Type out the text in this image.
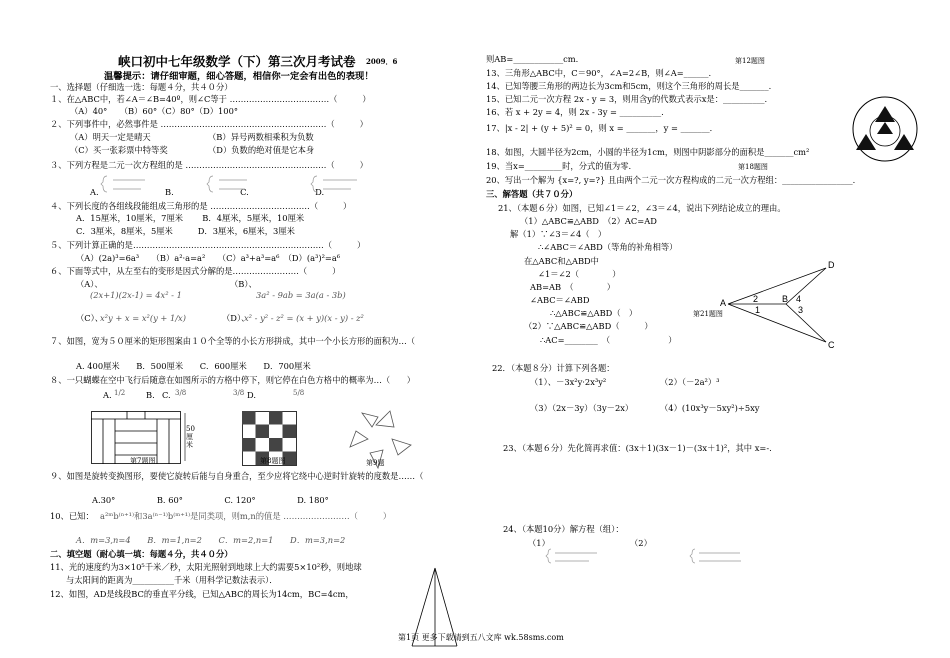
峡口初中七年级数学（下）第三次月考试卷 2009．6
温馨提示：请仔细审题，细心答题，相信你一定会有出色的表现！
一、选择题（仔细选一选：每题４分，共４０分）
１、在△ABC中，若∠A＝∠B=40º，则∠C等于 ………………………………（　　　）
（A）40°　　（B）60°（C）80°（D）100°
２、下列事件中，必然事件是 ……………………………………………………（　　　）
（A）明天一定是晴天	（B）异号两数相乘积为负数
（C）买一张彩票中特等奖	（D）负数的绝对值是它本身
３、下列方程是二元一次方程组的是 ……………………………………………（　　　）
A.　　　　　　　　B.　　　　　　　　C.　　　　　　　　D.
４、下列长度的各组线段能组成三角形的是 ………………………………（　　　）
A．15厘米，10厘米，7厘米　　 B．4厘米，5厘米，10厘米
C．3厘米，8厘米，5厘米　　　D．3厘米，6厘米，3厘米
５、下列计算正确的是……………………………………………………………（　　　）
（A）(2a)³=6a³　　（B）a²·a=a²　　（C）a³+a³=a⁶　（D）(a³)²=a⁶
６、下面等式中，从左至右的变形是因式分解的是……………………（　　　）
（A）、
(2x+1)(2x-1) = 4x² - 1
（B）、
3a² - 9ab = 3a(a - 3b)
（C）、
x²y + x = x²(y + 1/x)	（D）、
x² - y² - z² = (x + y)(x - y) - z²
７、如图，宽为５０厘米的矩形图案由１０个全等的小长方形拼成，其中一个小长方形的面积为…（
A. 400厘米　　B．500厘米　　C．600厘米　　D．700厘米
８、一只蝴蝶在空中飞行后随意在如图所示的方格中停下，则它停在白色方格中的概率为…（　　）
A.	B. C.	D.
1/2	3/8	3/8	5/8
50厘米
第7题图	第8题图	第9题
９、如图是旋转变换图形，要使它旋转后能与自身重合，至少应将它绕中心逆时针旋转的度数是……（
A.30°　　　　　B. 60°　　　　　C. 120°　　　　　D. 180°
10、已知： a²ᵐb⁽ⁿ⁺¹⁾和3a⁽ⁿ⁻¹⁾b⁽ᵐ⁺¹⁾是同类项，则m,n的值是 ……………………（　　　）
A．m=3,n=4　　B．m=1,n=2　　C．m=2,n=1　　D．m=3,n=2
二、填空题（耐心填一填：每题４分，共４０分）
11、光的速度约为3×10⁵千米／秒，太阳光照射到地球上大约需要5×10²秒，则地球
与太阳间的距离为__________千米（用科学记数法表示）．
12、如图，AD是线段BC的垂直平分线，已知△ABC的周长为14cm，BC=4cm，
则AB=____________cm.	第12题图
13、三角形△ABC中，C＝90°，∠A=2∠B，则∠A=______.
14、已知等腰三角形的两边长为3cm和5cm，则这个三角形的周长是_______.
15、已知二元一次方程 2x - y = 3，则用含y的代数式表示x是：__________.
16、若 x + 2y = 4，则 2x - 3y = __________.
17、|x - 2| + (y + 5)² = 0，则 x = _______，y = _______．
18、如图，大圆半径为2cm，小圆的半径为1cm，则图中阴影部分的面积是_______cm²
19、当x=_________时，分式的值为零.	第18题图
20、写出一个解为 {x=?, y=?} 且由两个二元一次方程构成的二元一次方程组：_________________.
三、解答题（共７０分）
21、（本题６分）如图，已知∠1＝∠2，∠3＝∠4，说出下列结论成立的理由。
（1）△ABC≌△ABD　（2）AC=AD
解（1）∵∠3＝∠4（　）
∴∠ABC＝∠ABD（等角的补角相等）
在△ABC和△ABD中
∠1＝∠2（　　　　）
AB=AB　（　　　　）
∠ABC＝∠ABD
∴△ABC≌△ABD（　）
（2）∵△ABC≌△ABD（　　　）
∴AC=________　（　　　　　　　）
第21题图
D
A	2	B 4
1	3
C
22．（本题８分）计算下列各题：
（1）、－3x²y·2x³y²	（2）（－2a²）³
（3）（2x－3y）（3y－2x）	（4）(10x³y－5xy²)÷5xy
23、（本题６分）先化简再求值：(3x＋1)(3x－1)－(3x＋1)²，其中 x=-.
24、（本题10分）解方程（组）：
（1）	（2）
第1页 更多下载请到五八文库 wk.58sms.com
